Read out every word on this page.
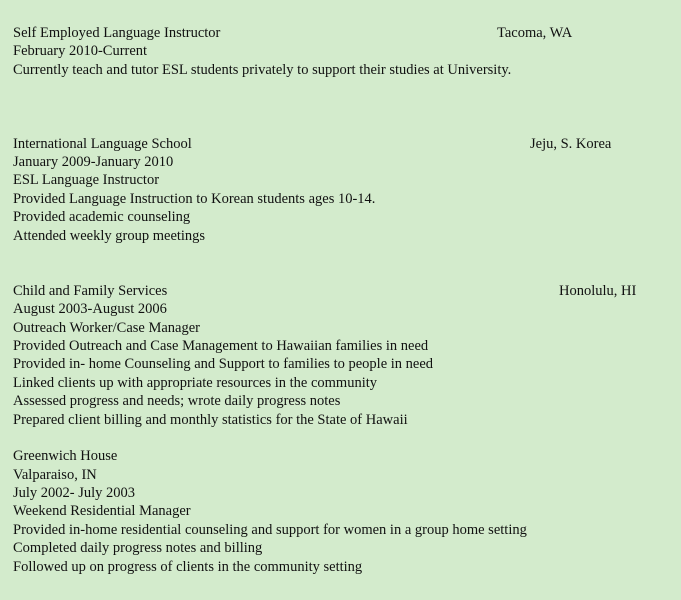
Self Employed Language Instructor	Tacoma, WA
February 2010-Current
Currently teach and tutor ESL students privately to support their studies at University.
International Language School	Jeju, S. Korea
January 2009-January 2010
ESL Language Instructor
Provided Language Instruction to Korean students ages 10-14.
Provided academic counseling
Attended weekly group meetings
Child and Family Services	Honolulu, HI
August 2003-August 2006
Outreach Worker/Case Manager
Provided Outreach and Case Management to Hawaiian families in need
Provided in- home Counseling and Support to families to people in need
Linked clients up with appropriate resources in the community
Assessed progress and needs; wrote daily progress notes
Prepared client billing and monthly statistics for the State of Hawaii
Greenwich House
Valparaiso, IN
July 2002- July 2003
Weekend Residential Manager
Provided in-home residential counseling and support for women in a group home setting
Completed daily progress notes and billing
Followed up on progress of clients in the community setting
